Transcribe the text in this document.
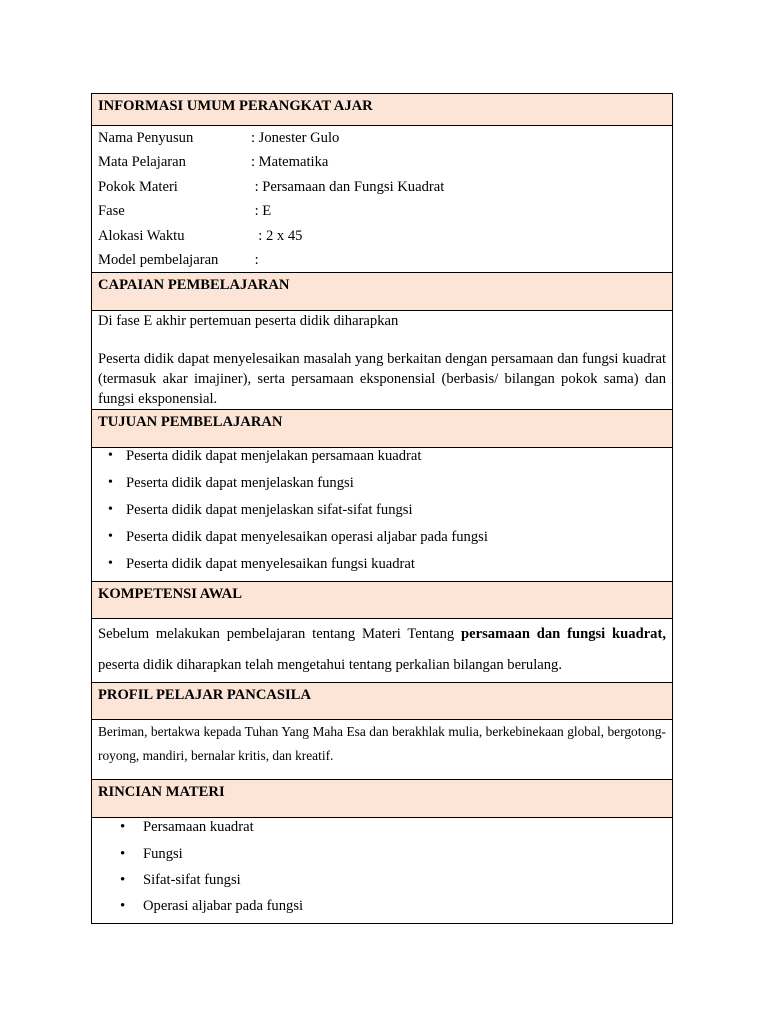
INFORMASI UMUM PERANGKAT AJAR

Nama Penyusun	: Jonester Gulo
Mata Pelajaran	: Matematika
Pokok Materi	: Persamaan dan Fungsi Kuadrat
Fase	: E
Alokasi Waktu	: 2 x 45
Model pembelajaran	:

CAPAIAN PEMBELAJARAN

Di fase E akhir pertemuan peserta didik diharapkan

Peserta didik dapat menyelesaikan masalah yang berkaitan dengan persamaan dan fungsi kuadrat (termasuk akar imajiner), serta persamaan eksponensial (berbasis/ bilangan pokok sama) dan fungsi eksponensial.

TUJUAN PEMBELAJARAN

• Peserta didik dapat menjelakan persamaan kuadrat
• Peserta didik dapat menjelaskan fungsi
• Peserta didik dapat menjelaskan sifat-sifat fungsi
• Peserta didik dapat menyelesaikan operasi aljabar pada fungsi
• Peserta didik dapat menyelesaikan fungsi kuadrat

KOMPETENSI AWAL

Sebelum melakukan pembelajaran tentang Materi Tentang persamaan dan fungsi kuadrat, peserta didik diharapkan telah mengetahui tentang perkalian bilangan berulang.

PROFIL PELAJAR PANCASILA

Beriman, bertakwa kepada Tuhan Yang Maha Esa dan berakhlak mulia, berkebinekaan global, bergotong-royong, mandiri, bernalar kritis, dan kreatif.

RINCIAN MATERI

• Persamaan kuadrat
• Fungsi
• Sifat-sifat fungsi
• Operasi aljabar pada fungsi
